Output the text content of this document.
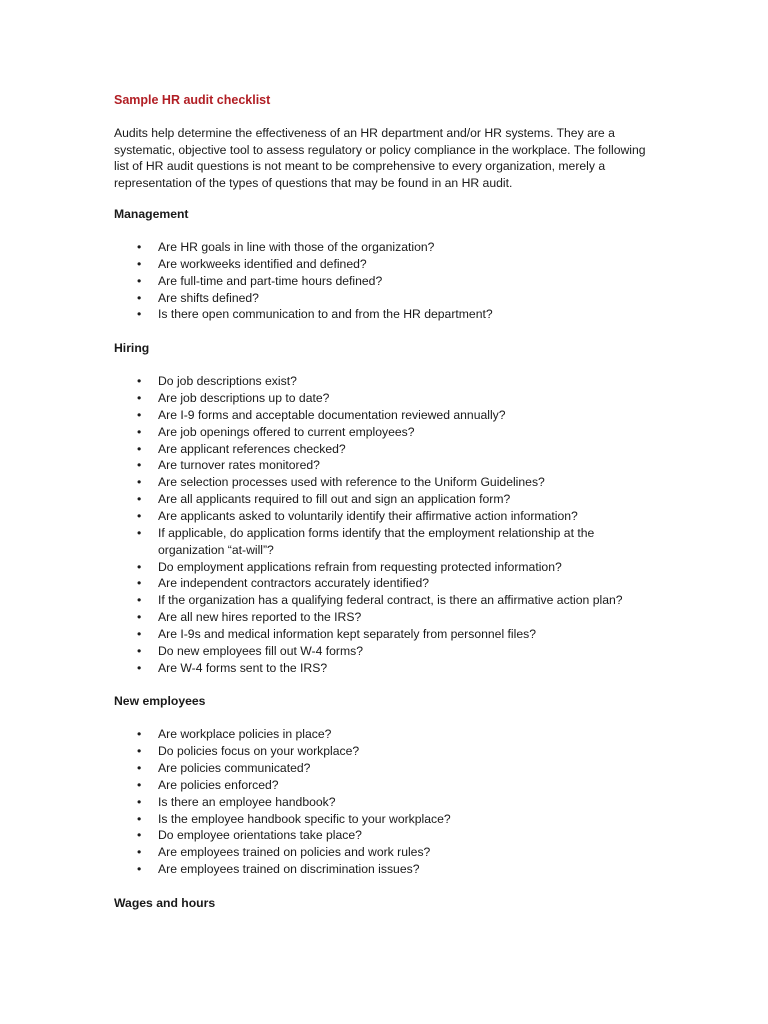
Sample HR audit checklist
Audits help determine the effectiveness of an HR department and/or HR systems. They are a systematic, objective tool to assess regulatory or policy compliance in the workplace. The following list of HR audit questions is not meant to be comprehensive to every organization, merely a representation of the types of questions that may be found in an HR audit.
Management
• Are HR goals in line with those of the organization?
• Are workweeks identified and defined?
• Are full-time and part-time hours defined?
• Are shifts defined?
• Is there open communication to and from the HR department?
Hiring
• Do job descriptions exist?
• Are job descriptions up to date?
• Are I-9 forms and acceptable documentation reviewed annually?
• Are job openings offered to current employees?
• Are applicant references checked?
• Are turnover rates monitored?
• Are selection processes used with reference to the Uniform Guidelines?
• Are all applicants required to fill out and sign an application form?
• Are applicants asked to voluntarily identify their affirmative action information?
• If applicable, do application forms identify that the employment relationship at the organization “at-will”?
• Do employment applications refrain from requesting protected information?
• Are independent contractors accurately identified?
• If the organization has a qualifying federal contract, is there an affirmative action plan?
• Are all new hires reported to the IRS?
• Are I-9s and medical information kept separately from personnel files?
• Do new employees fill out W-4 forms?
• Are W-4 forms sent to the IRS?
New employees
• Are workplace policies in place?
• Do policies focus on your workplace?
• Are policies communicated?
• Are policies enforced?
• Is there an employee handbook?
• Is the employee handbook specific to your workplace?
• Do employee orientations take place?
• Are employees trained on policies and work rules?
• Are employees trained on discrimination issues?
Wages and hours
